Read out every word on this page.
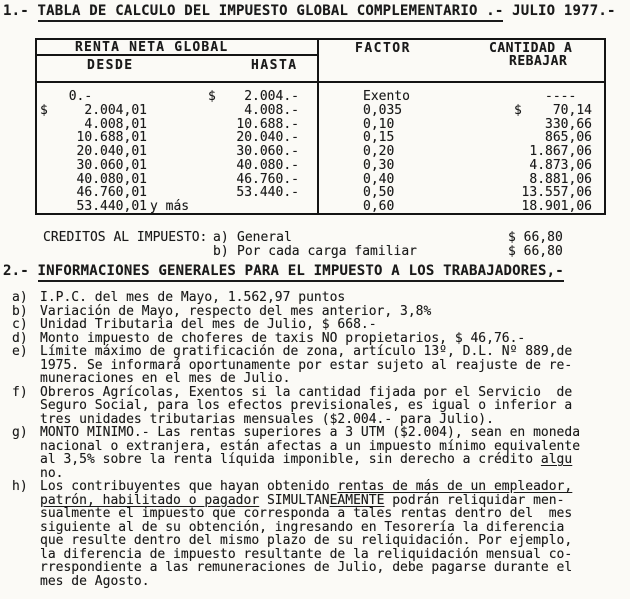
1.- TABLA DE CALCULO DEL IMPUESTO GLOBAL COMPLEMENTARIO .- JULIO 1977.-
RENTA NETA GLOBAL
DESDE	HASTA
FACTOR	CANTIDAD A
REBAJAR
0.-	$	2.004.-	Exento	----
$	2.004,01	4.008.-	0,035	$	70,14
4.008,01	10.688.-	0,10	330,66
10.688,01	20.040.-	0,15	865,06
20.040,01	30.060.-	0,20	1.867,06
30.060,01	40.080.-	0,30	4.873,06
40.080,01	46.760.-	0,40	8.881,06
46.760,01	53.440.-	0,50	13.557,06
53.440,01 y más	0,60	18.901,06
CREDITOS AL IMPUESTO: a) General	$ 66,80
b) Por cada carga familiar	$ 66,80
2.- INFORMACIONES GENERALES PARA EL IMPUESTO A LOS TRABAJADORES,-
a) I.P.C. del mes de Mayo, 1.562,97 puntos
b) Variación de Mayo, respecto del mes anterior, 3,8%
c) Unidad Tributaria del mes de Julio, $ 668.-
d) Monto impuesto de choferes de taxis NO propietarios, $ 46,76.-
e) Límite máximo de gratificación de zona, artículo 13º, D.L. Nº 889,de
1975. Se informará oportunamente por estar sujeto al reajuste de re-
muneraciones en el mes de Julio.
f) Obreros Agrícolas, Exentos si la cantidad fijada por el Servicio  de
Seguro Social, para los efectos previsionales, es igual o inferior a
tres unidades tributarias mensuales ($2.004.- para Julio).
g) MONTO MINIMO.- Las rentas superiores a 3 UTM ($2.004), sean en moneda
nacional o extranjera, están afectas a un impuesto mínimo equivalente
al 3,5% sobre la renta líquida imponible, sin derecho a crédito algu
no.
h) Los contribuyentes que hayan obtenido rentas de más de un empleador,
patrón, habilitado o pagador SIMULTANEAMENTE podrán reliquidar men-
sualmente el impuesto que corresponda a tales rentas dentro del  mes
siguiente al de su obtención, ingresando en Tesorería la diferencia
que resulte dentro del mismo plazo de su reliquidación. Por ejemplo,
la diferencia de impuesto resultante de la reliquidación mensual co-
rrespondiente a las remuneraciones de Julio, debe pagarse durante el
mes de Agosto.
